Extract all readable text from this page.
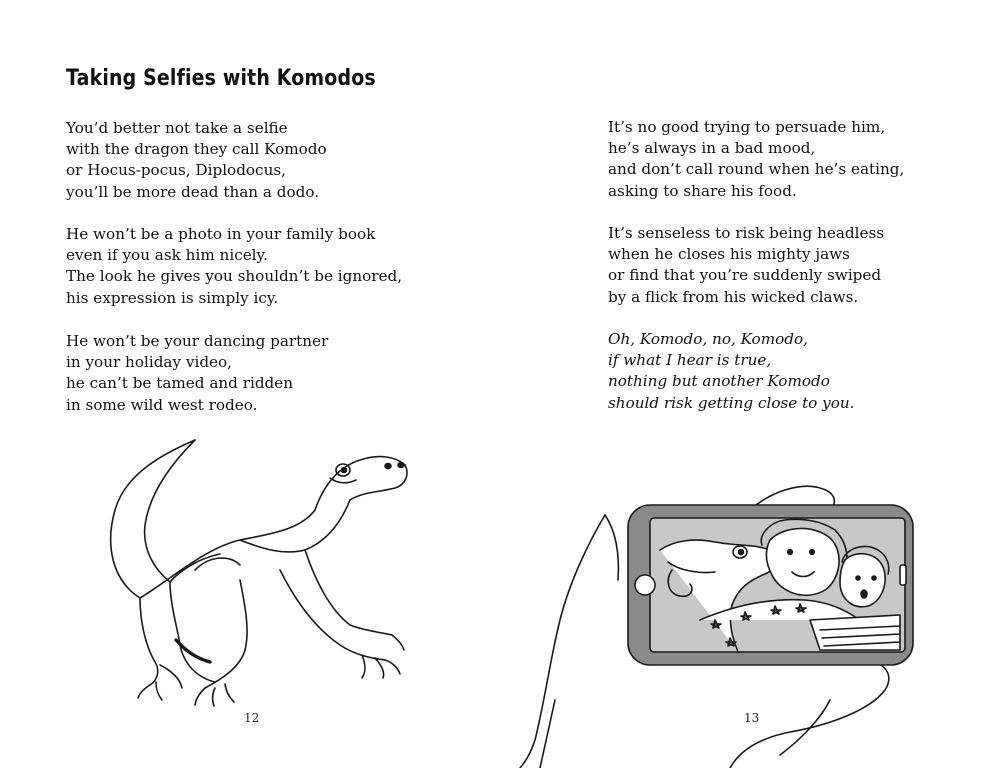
Taking Selfies with Komodos

You’d better not take a selfie
with the dragon they call Komodo
or Hocus-pocus, Diplodocus,
you’ll be more dead than a dodo.

He won’t be a photo in your family book
even if you ask him nicely.
The look he gives you shouldn’t be ignored,
his expression is simply icy.

He won’t be your dancing partner
in your holiday video,
he can’t be tamed and ridden
in some wild west rodeo.

12

It’s no good trying to persuade him,
he’s always in a bad mood,
and don’t call round when he’s eating,
asking to share his food.

It’s senseless to risk being headless
when he closes his mighty jaws
or find that you’re suddenly swiped
by a flick from his wicked claws.

Oh, Komodo, no, Komodo,
if what I hear is true,
nothing but another Komodo
should risk getting close to you.

13
